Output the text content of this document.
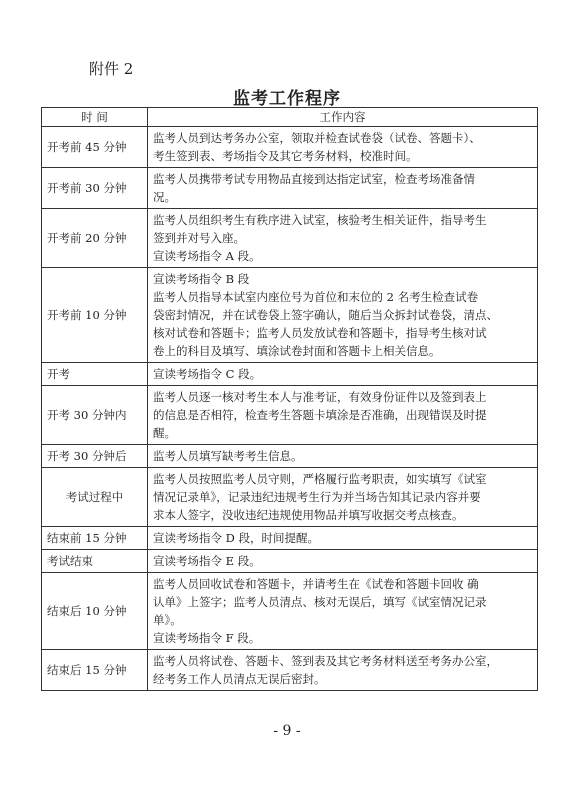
附件 2
监考工作程序
时 间	工作内容
开考前 45 分钟	监考人员到达考务办公室，领取并检查试卷袋（试卷、答题卡）、
考生签到表、考场指令及其它考务材料，校准时间。

开考前 30 分钟	监考人员携带考试专用物品直接到达指定试室，检查考场准备情
况。

开考前 20 分钟	监考人员组织考生有秩序进入试室，核验考生相关证件，指导考生
签到并对号入座。
宣读考场指令 A 段。

开考前 10 分钟	宣读考场指令 B 段
监考人员指导本试室内座位号为首位和末位的 2 名考生检查试卷
袋密封情况，并在试卷袋上签字确认，随后当众拆封试卷袋，清点、
核对试卷和答题卡；监考人员发放试卷和答题卡，指导考生核对试
卷上的科目及填写、填涂试卷封面和答题卡上相关信息。

开考	宣读考场指令 C 段。

开考 30 分钟内	监考人员逐一核对考生本人与准考证，有效身份证件以及签到表上
的信息是否相符，检查考生答题卡填涂是否准确，出现错误及时提
醒。

开考 30 分钟后	监考人员填写缺考考生信息。

考试过程中	监考人员按照监考人员守则，严格履行监考职责，如实填写《试室
情况记录单》，记录违纪违规考生行为并当场告知其记录内容并要
求本人签字，没收违纪违规使用物品并填写收据交考点核查。

结束前 15 分钟	宣读考场指令 D 段，时间提醒。

考试结束	宣读考场指令 E 段。

结束后 10 分钟	监考人员回收试卷和答题卡，并请考生在《试卷和答题卡回收 确
认单》上签字；监考人员清点、核对无误后，填写《试室情况记录
单》。
宣读考场指令 F 段。

结束后 15 分钟	监考人员将试卷、答题卡、签到表及其它考务材料送至考务办公室，
经考务工作人员清点无误后密封。
- 9 -
